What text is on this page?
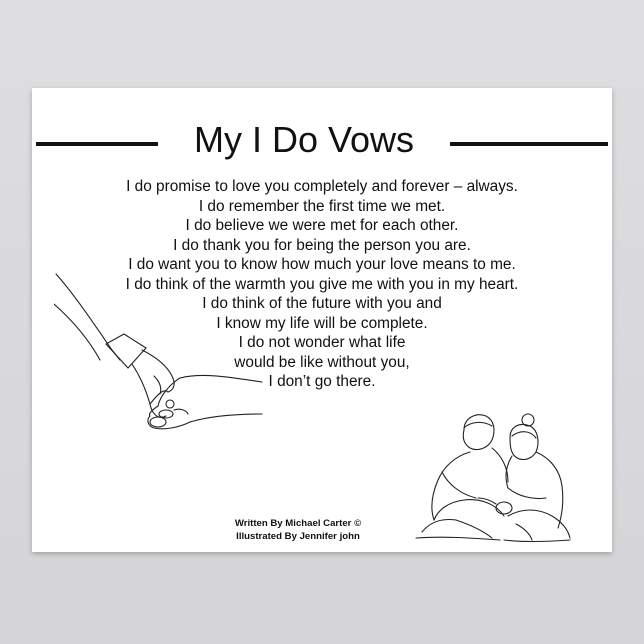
My I Do Vows
I do promise to love you completely and forever – always.
I do remember the first time we met.
I do believe we were met for each other.
I do thank you for being the person you are.
I do want you to know how much your love means to me.
I do think of the warmth you give me with you in my heart.
I do think of the future with you and
I know my life will be complete.
I do not wonder what life
would be like without you,
I don’t go there.
Written By Michael Carter ©
Illustrated By Jennifer john
